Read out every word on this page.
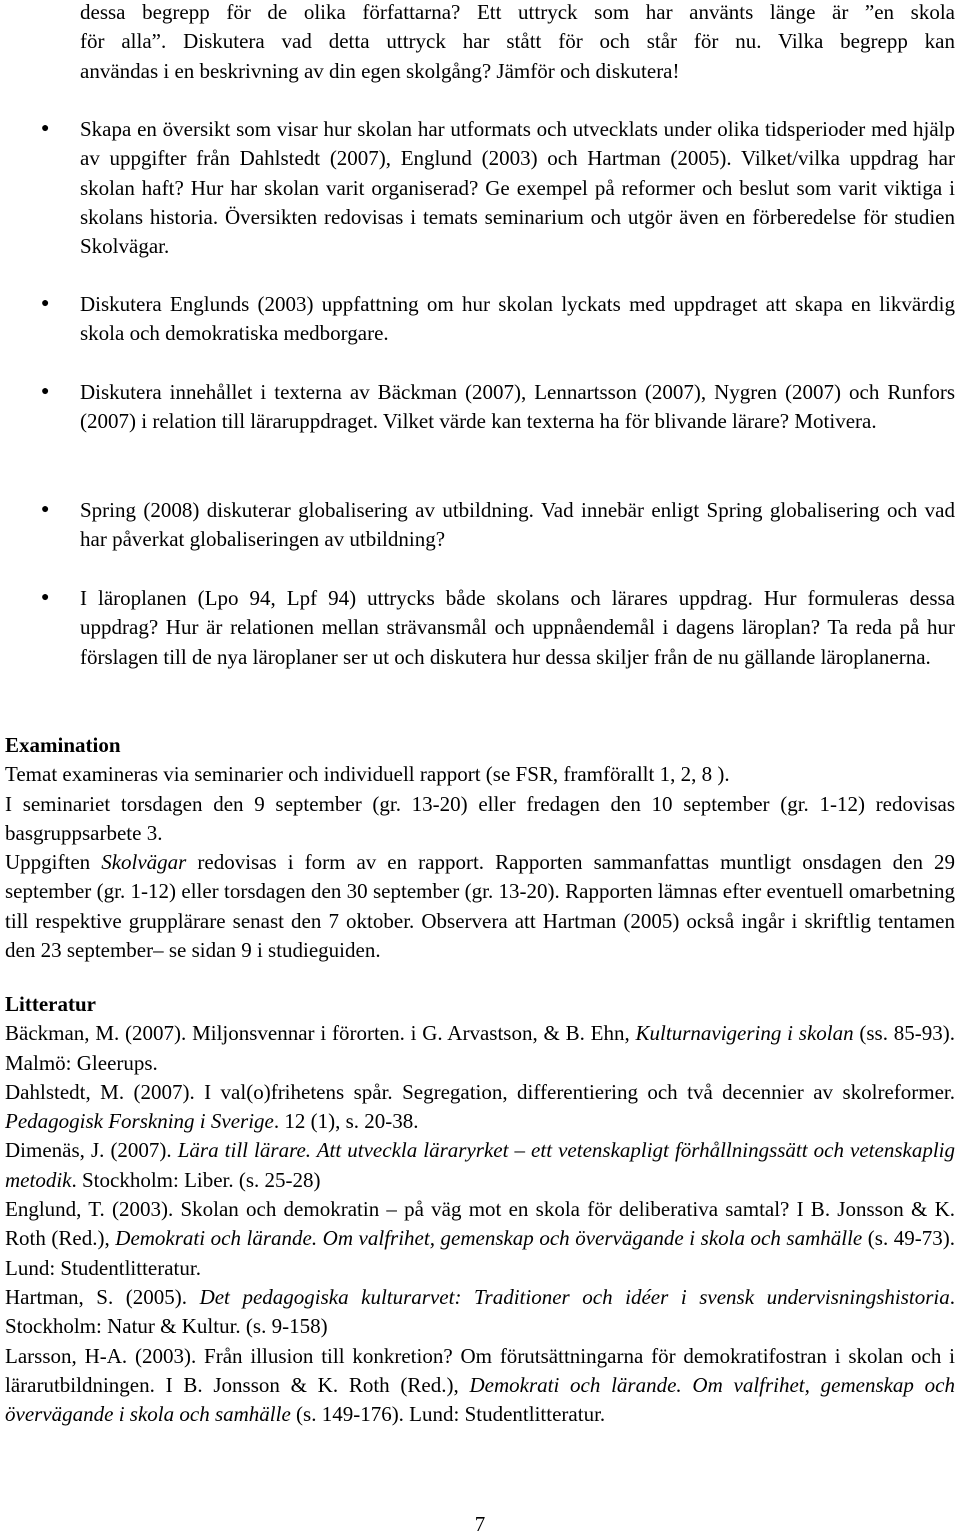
dessa begrepp för de olika författarna? Ett uttryck som har använts länge är ”en skola

för alla”. Diskutera vad detta uttryck har stått för och står för nu. Vilka begrepp kan

användas i en beskrivning av din egen skolgång? Jämför och diskutera!

● Skapa en översikt som visar hur skolan har utformats och utvecklats under olika tidsperioder med hjälp av uppgifter från Dahlstedt (2007), Englund (2003) och Hartman (2005). Vilket/vilka uppdrag har skolan haft? Hur har skolan varit organiserad? Ge exempel på reformer och beslut som varit viktiga i skolans historia. Översikten redovisas i temats seminarium och utgör även en förberedelse för studien Skolvägar.

● Diskutera Englunds (2003) uppfattning om hur skolan lyckats med uppdraget att skapa en likvärdig skola och demokratiska medborgare.

● Diskutera innehållet i texterna av Bäckman (2007), Lennartsson (2007), Nygren (2007) och Runfors (2007) i relation till läraruppdraget. Vilket värde kan texterna ha för blivande lärare? Motivera.

● Spring (2008) diskuterar globalisering av utbildning. Vad innebär enligt Spring globalisering och vad har påverkat globaliseringen av utbildning?

● I läroplanen (Lpo 94, Lpf 94) uttrycks både skolans och lärares uppdrag. Hur formuleras dessa uppdrag? Hur är relationen mellan strävansmål och uppnåendemål i dagens läroplan? Ta reda på hur förslagen till de nya läroplaner ser ut och diskutera hur dessa skiljer från de nu gällande läroplanerna.

Examination

Temat examineras via seminarier och individuell rapport (se FSR, framförallt 1, 2, 8 ).

I seminariet torsdagen den 9 september (gr. 13-20) eller fredagen den 10 september (gr. 1-12) redovisas basgruppsarbete 3.

Uppgiften Skolvägar redovisas i form av en rapport. Rapporten sammanfattas muntligt onsdagen den 29 september (gr. 1-12) eller torsdagen den 30 september (gr. 13-20). Rapporten lämnas efter eventuell omarbetning till respektive grupplärare senast den 7 oktober. Observera att Hartman (2005) också ingår i skriftlig tentamen den 23 september– se sidan 9 i studieguiden.

Litteratur

Bäckman, M. (2007). Miljonsvennar i förorten. i G. Arvastson, & B. Ehn, Kulturnavigering i skolan (ss. 85-93). Malmö: Gleerups.

Dahlstedt, M. (2007). I val(o)frihetens spår. Segregation, differentiering och två decennier av skolreformer. Pedagogisk Forskning i Sverige. 12 (1), s. 20-38.

Dimenäs, J. (2007). Lära till lärare. Att utveckla läraryrket – ett vetenskapligt förhållningssätt och vetenskaplig metodik. Stockholm: Liber. (s. 25-28)

Englund, T. (2003). Skolan och demokratin – på väg mot en skola för deliberativa samtal? I B. Jonsson & K. Roth (Red.), Demokrati och lärande. Om valfrihet, gemenskap och övervägande i skola och samhälle (s. 49-73). Lund: Studentlitteratur.

Hartman, S. (2005). Det pedagogiska kulturarvet: Traditioner och idéer i svensk undervisningshistoria. Stockholm: Natur & Kultur. (s. 9-158)

Larsson, H-A. (2003). Från illusion till konkretion? Om förutsättningarna för demokratifostran i skolan och i lärarutbildningen. I B. Jonsson & K. Roth (Red.), Demokrati och lärande. Om valfrihet, gemenskap och övervägande i skola och samhälle (s. 149-176). Lund: Studentlitteratur.

7
